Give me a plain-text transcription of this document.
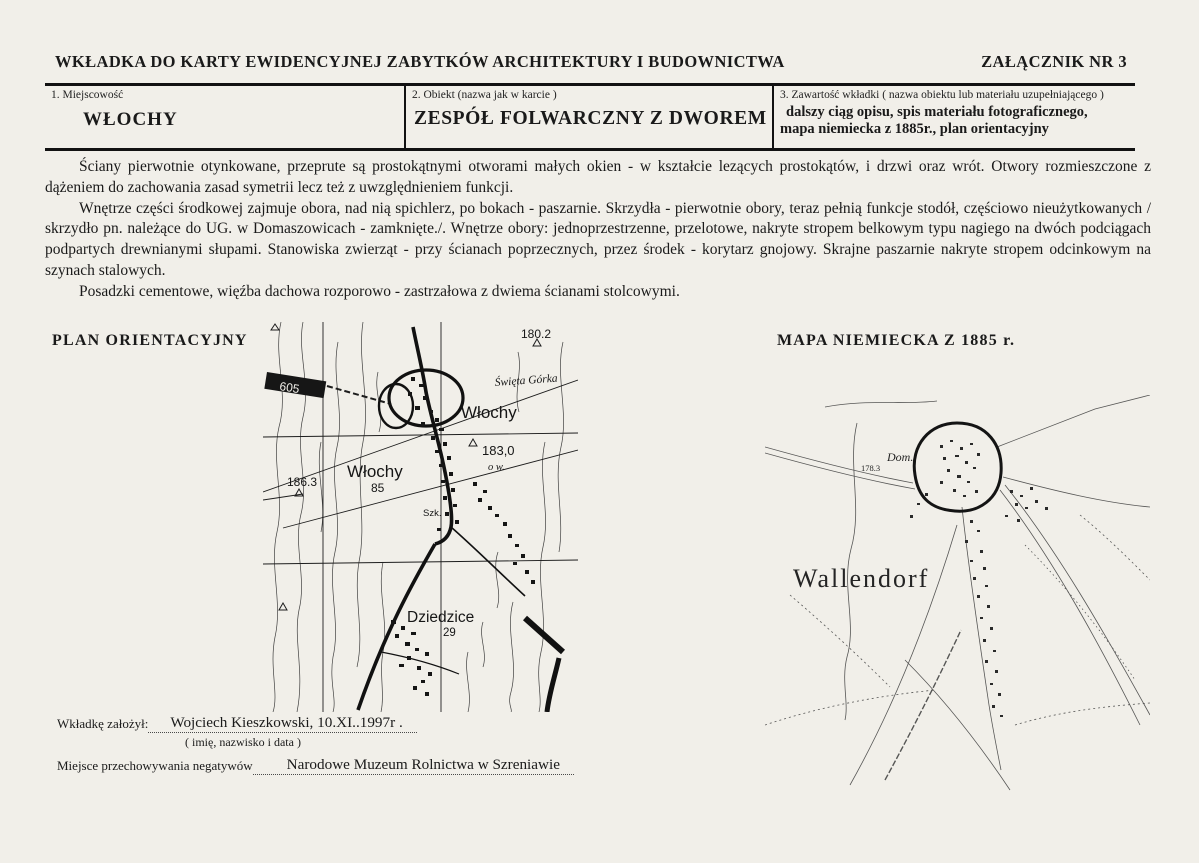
WKŁADKA DO KARTY EWIDENCYJNEJ ZABYTKÓW ARCHITEKTURY I BUDOWNICTWA	ZAŁĄCZNIK NR 3
1. Miejscowość
WŁOCHY
2. Obiekt (nazwa jak w karcie )
ZESPÓŁ FOLWARCZNY Z DWOREM
3. Zawartość wkładki ( nazwa obiektu lub materiału uzupełniającego )
dalszy ciąg opisu, spis materiału fotograficznego,
mapa niemiecka z 1885r., plan orientacyjny

Ściany pierwotnie otynkowane, przeprute są prostokątnymi otworami małych okien - w kształcie lezących prostokątów, i drzwi oraz wrót. Otwory rozmieszczone z dążeniem do zachowania zasad symetrii lecz też z uwzględnieniem funkcji.

Wnętrze części środkowej zajmuje obora, nad nią spichlerz, po bokach - paszarnie. Skrzydła - pierwotnie obory, teraz pełnią funkcje stodół, częściowo nieużytkowanych / skrzydło pn. należące do UG. w Domaszowicach - zamknięte./. Wnętrze obory: jednoprzestrzenne, przelotowe, nakryte stropem belkowym typu nagiego na dwóch podciągach podpartych drewnianymi słupami. Stanowiska zwierząt - przy ścianach poprzecznych, przez środek - korytarz gnojowy. Skrajne paszarnie nakryte stropem odcinkowym na szynach stalowych.

Posadzki cementowe, więźba dachowa rozporowo - zastrzałowa z dwiema ścianami stolcowymi.

PLAN ORIENTACYJNY	MAPA NIEMIECKA Z 1885 r.
605
180.2
Święta Górka
Włochy
183,0
o w.
Włochy
85
186.3
Szk.
Dziedzice
29
Dom.
178.3
Wallendorf
Wkładkę założył:	Wojciech Kieszkowski, 10.XI..1997r .
( imię, nazwisko i data )
Miejsce przechowywania negatywów	Narodowe Muzeum Rolnictwa w Szreniawie
